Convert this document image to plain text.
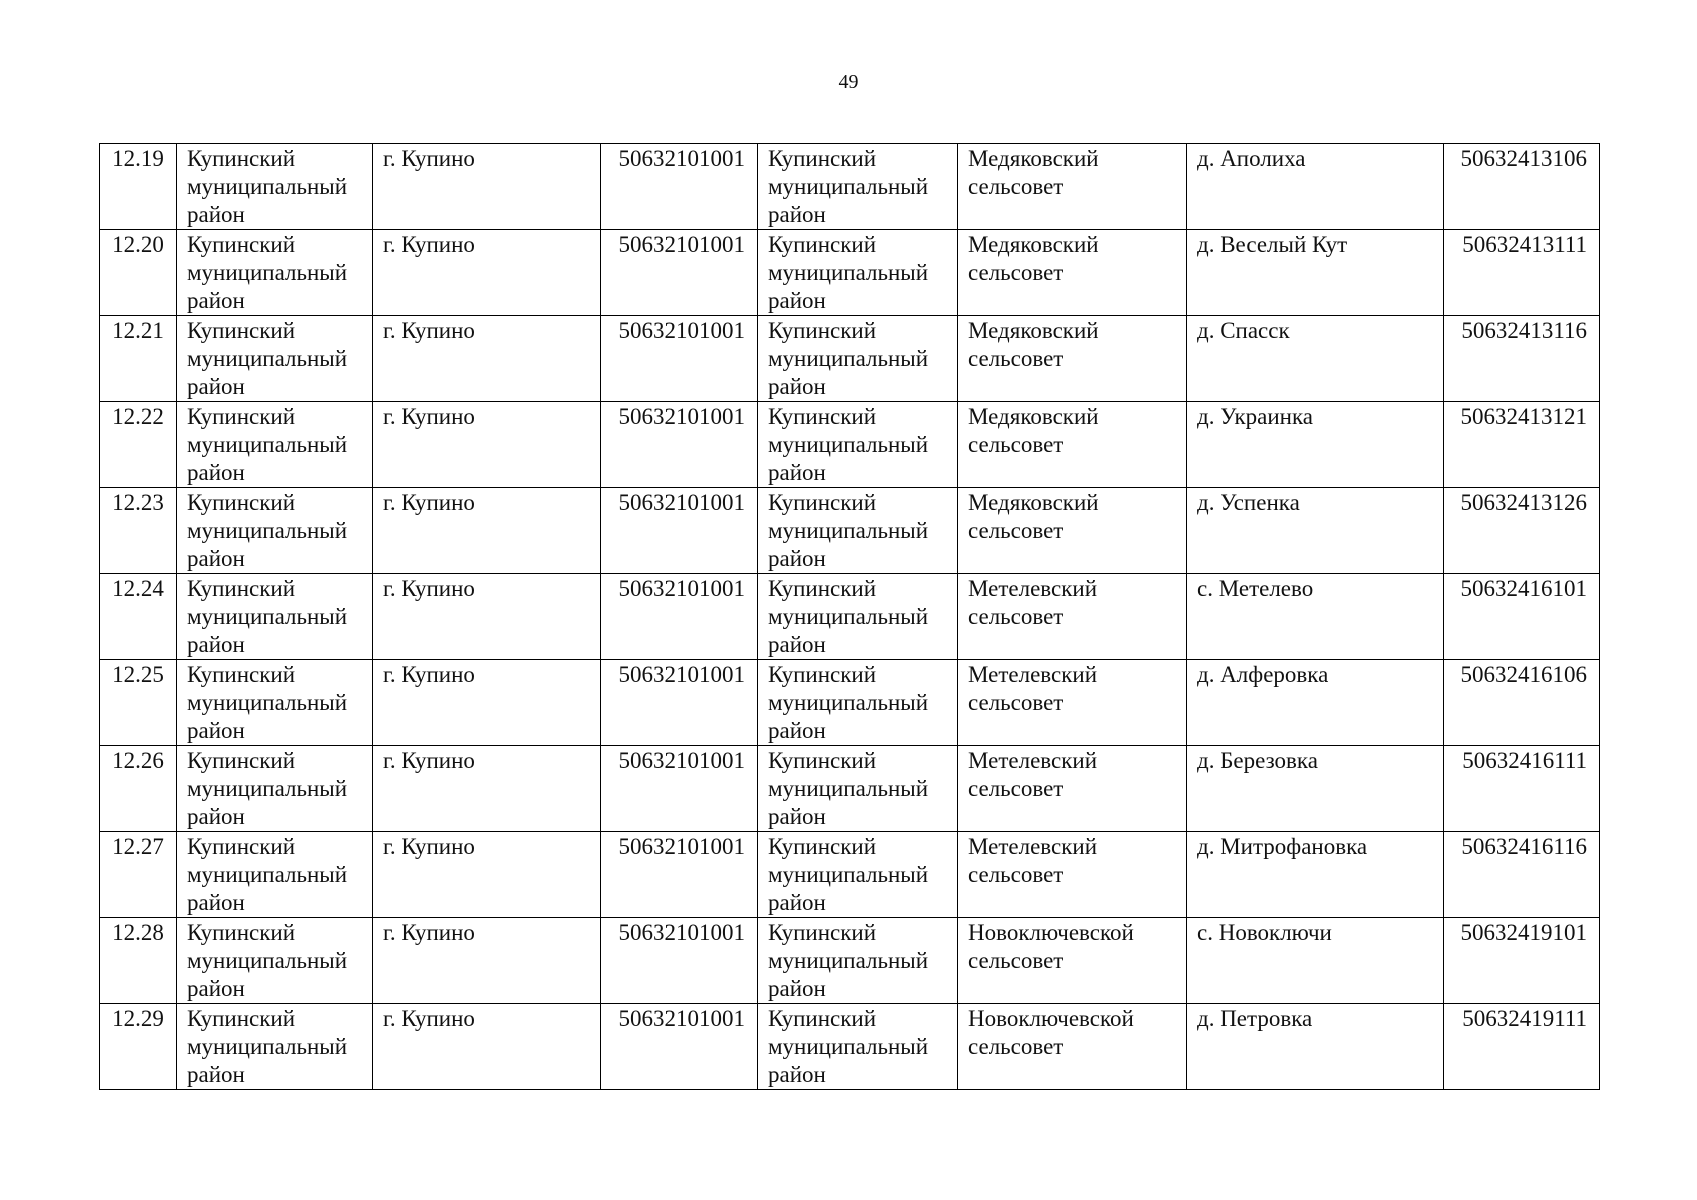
49
12.19	Купинский муниципальный район	г. Купино	50632101001	Купинский муниципальный район	Медяковский сельсовет	д. Аполиха	50632413106
12.20	Купинский муниципальный район	г. Купино	50632101001	Купинский муниципальный район	Медяковский сельсовет	д. Веселый Кут	50632413111
12.21	Купинский муниципальный район	г. Купино	50632101001	Купинский муниципальный район	Медяковский сельсовет	д. Спасск	50632413116
12.22	Купинский муниципальный район	г. Купино	50632101001	Купинский муниципальный район	Медяковский сельсовет	д. Украинка	50632413121
12.23	Купинский муниципальный район	г. Купино	50632101001	Купинский муниципальный район	Медяковский сельсовет	д. Успенка	50632413126
12.24	Купинский муниципальный район	г. Купино	50632101001	Купинский муниципальный район	Метелевский сельсовет	с. Метелево	50632416101
12.25	Купинский муниципальный район	г. Купино	50632101001	Купинский муниципальный район	Метелевский сельсовет	д. Алферовка	50632416106
12.26	Купинский муниципальный район	г. Купино	50632101001	Купинский муниципальный район	Метелевский сельсовет	д. Березовка	50632416111
12.27	Купинский муниципальный район	г. Купино	50632101001	Купинский муниципальный район	Метелевский сельсовет	д. Митрофановка	50632416116
12.28	Купинский муниципальный район	г. Купино	50632101001	Купинский муниципальный район	Новоключевской сельсовет	с. Новоключи	50632419101
12.29	Купинский муниципальный район	г. Купино	50632101001	Купинский муниципальный район	Новоключевской сельсовет	д. Петровка	50632419111
